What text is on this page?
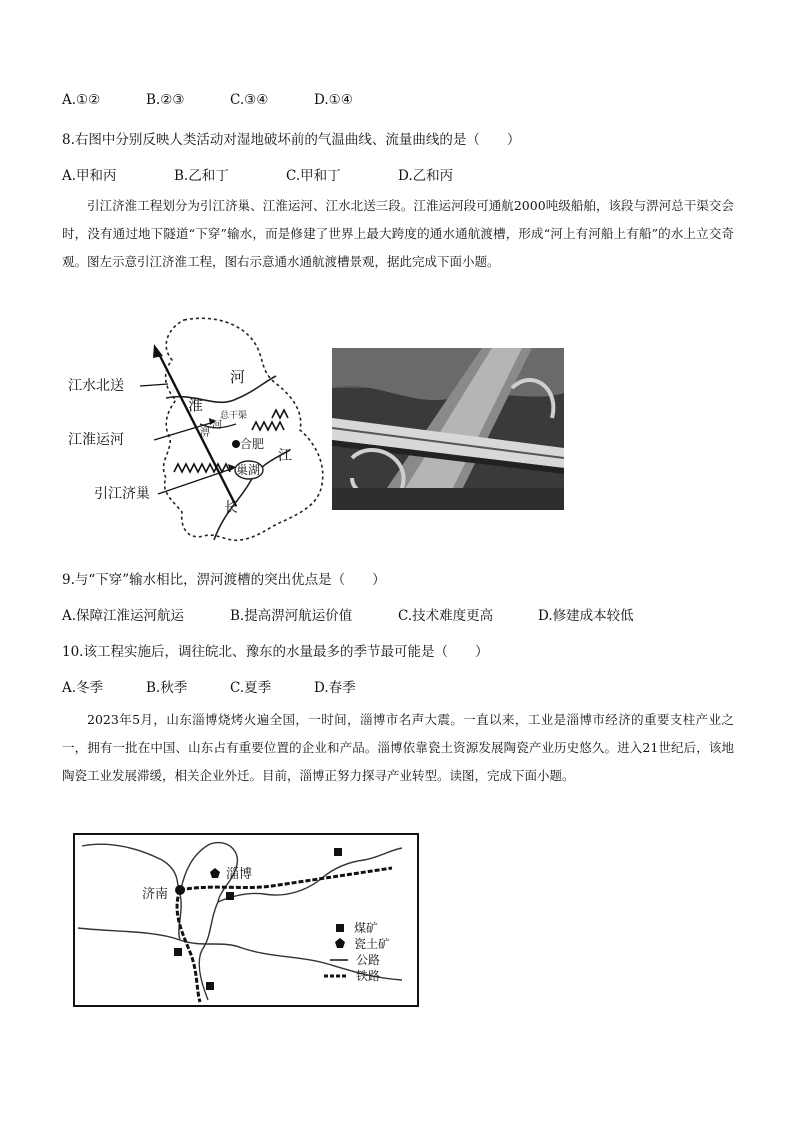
A.①②	B.②③	C.③④	D.①④
8.右图中分别反映人类活动对湿地破坏前的气温曲线、流量曲线的是（　　）
A.甲和丙	B.乙和丁	C.甲和丁	D.乙和丙
引江济淮工程划分为引江济巢、江淮运河、江水北送三段。江淮运河段可通航2000吨级船舶，该段与淠河总干渠交会时，没有通过地下隧道“下穿”输水，而是修建了世界上最大跨度的通水通航渡槽，形成“河上有河船上有船”的水上立交奇观。图左示意引江济淮工程，图右示意通水通航渡槽景观，据此完成下面小题。
江水北送
江淮运河
引江济巢
河
淮
淠
河
总干渠
合肥
巢湖
江
长
9.与“下穿”输水相比，淠河渡槽的突出优点是（　　）
A.保障江淮运河航运	B.提高淠河航运价值	C.技术难度更高	D.修建成本较低
10.该工程实施后，调往皖北、豫东的水量最多的季节最可能是（　　）
A.冬季	B.秋季	C.夏季	D.春季
2023年5月，山东淄博烧烤火遍全国，一时间，淄博市名声大震。一直以来，工业是淄博市经济的重要支柱产业之一，拥有一批在中国、山东占有重要位置的企业和产品。淄博依靠瓷土资源发展陶瓷产业历史悠久。进入21世纪后，该地陶瓷工业发展滞缓，相关企业外迁。目前，淄博正努力探寻产业转型。读图，完成下面小题。
济南
淄博
煤矿
瓷土矿
公路
铁路
